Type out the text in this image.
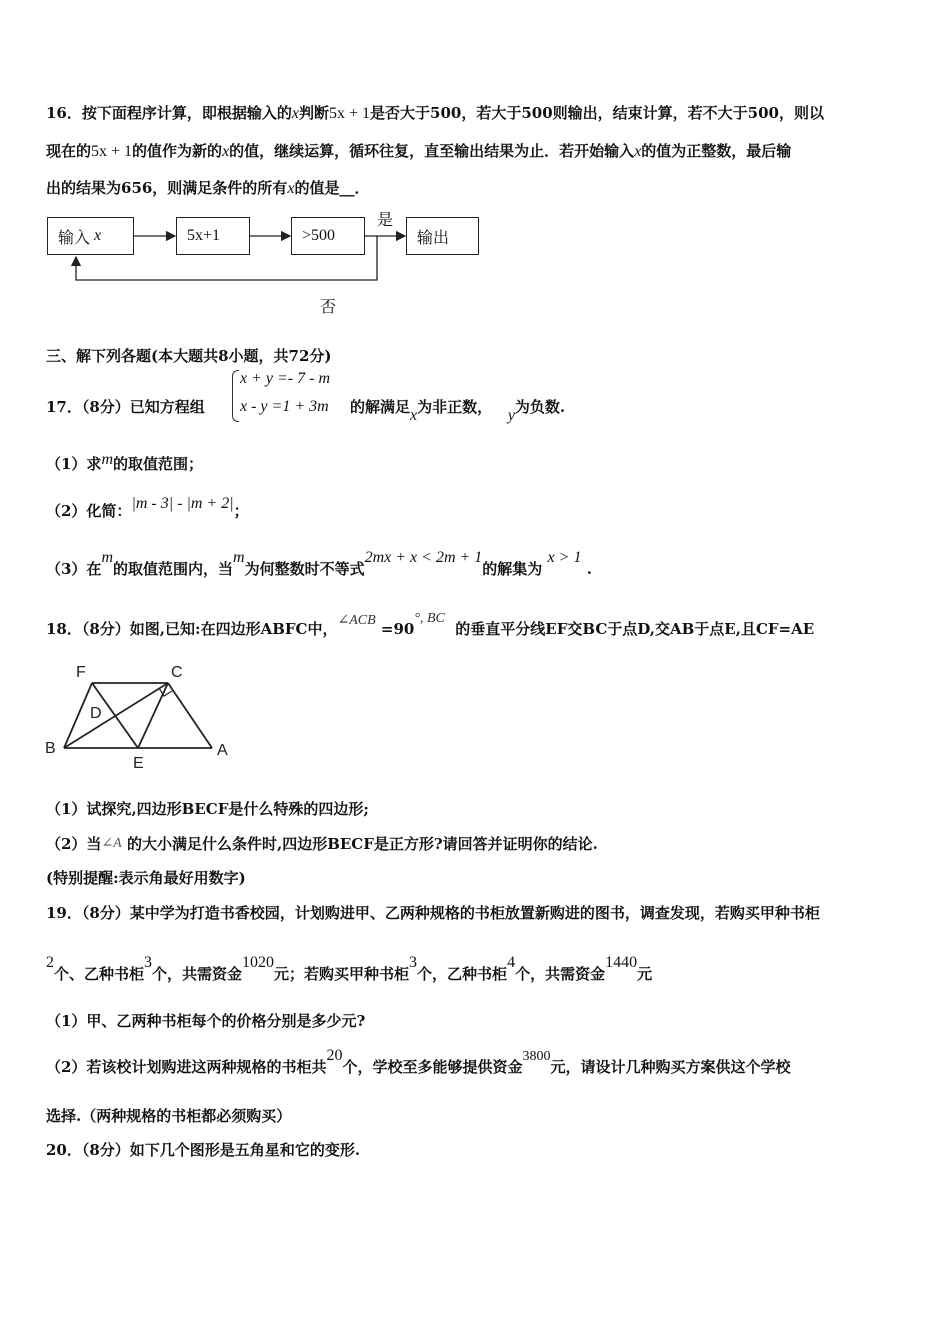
16．按下面程序计算，即根据输入的x判断5x + 1是否大于500，若大于500则输出，结束计算，若不大于500，则以
现在的5x + 1的值作为新的x的值，继续运算，循环往复，直至输出结果为止．若开始输入x的值为正整数，最后输
出的结果为656，则满足条件的所有x的值是__．
输入
x	5x+1	>500	输出
是
否
三、解下列各题(本大题共8小题，共72分)
17．（8分）已知方程组
x + y =- 7 - m
x - y =1 + 3m 的解满足x为非正数， y为负数.
（1）求m的取值范围；
（2）化简：|m - 3| - |m + 2|；
（3）在m的取值范围内，当m为何整数时不等式2mx + x < 2m + 1的解集为 x > 1 .
18．（8分）如图,已知:在四边形ABFC中，∠ACB =90°, BC  的垂直平分线EF交BC于点D,交AB于点E,且CF=AE
F	C
D
B
E
A
（1）试探究,四边形BECF是什么特殊的四边形;
（2）当∠A 的大小满足什么条件时,四边形BECF是正方形?请回答并证明你的结论.
(特别提醒:表示角最好用数字)
19．（8分）某中学为打造书香校园，计划购进甲、乙两种规格的书柜放置新购进的图书，调查发现，若购买甲种书柜
2个、乙种书柜3个，共需资金1020元；若购买甲种书柜3个，乙种书柜4个，共需资金1440元
（1）甲、乙两种书柜每个的价格分别是多少元?
（2）若该校计划购进这两种规格的书柜共20个，学校至多能够提供资金3800元，请设计几种购买方案供这个学校
选择.（两种规格的书柜都必须购买）
20．（8分）如下几个图形是五角星和它的变形.
